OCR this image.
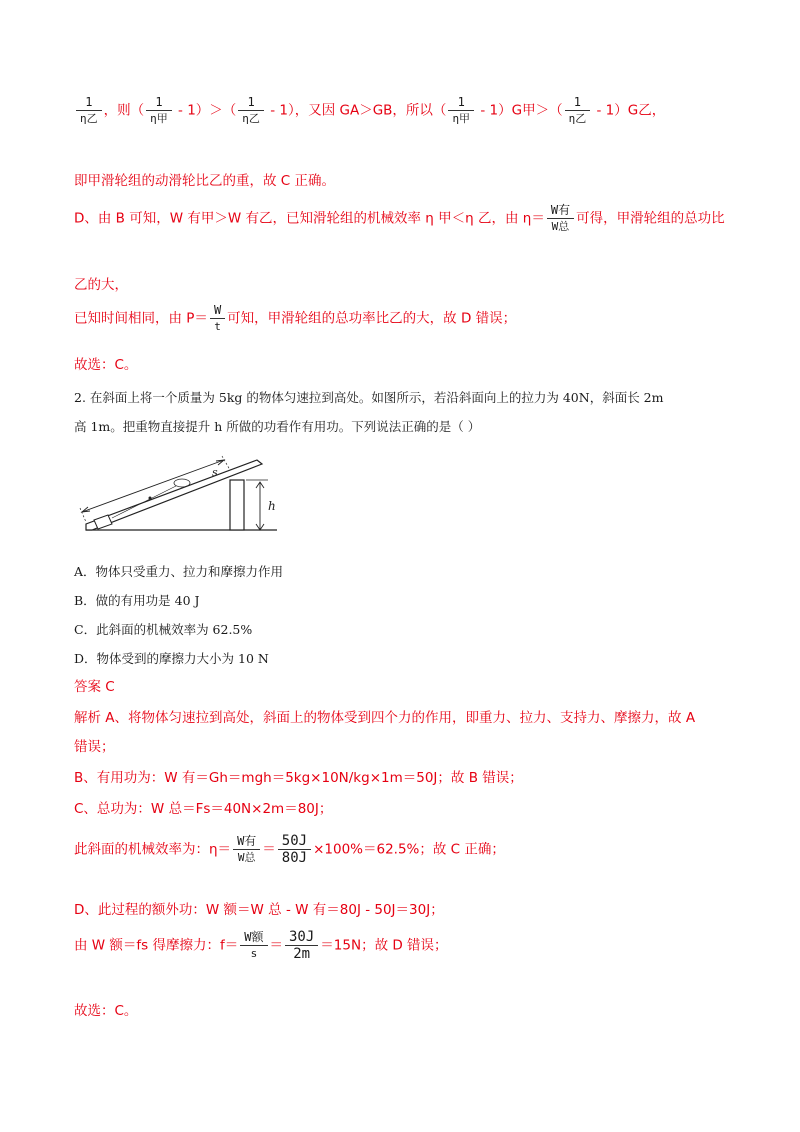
$\frac{1}{\text{η乙}}$ ，则（ $\frac{1}{\text{η甲}} - 1)>( \frac{1}{\text{η乙}} - 1)$，又因 GA＞GB，所以（ $\frac{1}{\text{η甲}} - 1)G$甲＞（ $\frac{1}{\text{η乙}} - 1)G$乙，
即甲滑轮组的动滑轮比乙的重，故 C 正确。
D、由 B 可知，W 有甲＞W 有乙，已知滑轮组的机械效率 η 甲＜η 乙，由 $\eta= \frac{\text{W有}}{\text{W总}}$ 可得，甲滑轮组的总功比
乙的大，
已知时间相同，由 $P= \frac{W}{t}$ 可知，甲滑轮组的总功率比乙的大，故 D 错误；
故选：C。
2. 在斜面上将一个质量为 5kg 的物体匀速拉到高处。如图所示，若沿斜面向上的拉力为 40N，斜面长 2m
高 1m。把重物直接提升 h 所做的功看作有用功。下列说法正确的是（ ）
s
h
A．物体只受重力、拉力和摩擦力作用
B．做的有用功是 40 J
C．此斜面的机械效率为 62.5%
D．物体受到的摩擦力大小为 10 N
答案 C
解析 A、将物体匀速拉到高处，斜面上的物体受到四个力的作用，即重力、拉力、支持力、摩擦力，故 A
错误；
B、有用功为：W 有＝Gh＝mgh＝5kg×10N/kg×1m＝50J；故 B 错误；
C、总功为：W 总＝Fs＝40N×2m＝80J；
此斜面的机械效率为：$\eta= \frac{\text{W有}}{\text{W总}} = \frac{50J}{80J} \times 100\%=62.5\%$；故 C 正确；
D、此过程的额外功：W 额＝W 总 - W 有＝80J - 50J＝30J；
由 W 额＝fs 得摩擦力：$f= \frac{\text{W额}}{s} = \frac{30J}{2m} =15N$；故 D 错误；
故选：C。
